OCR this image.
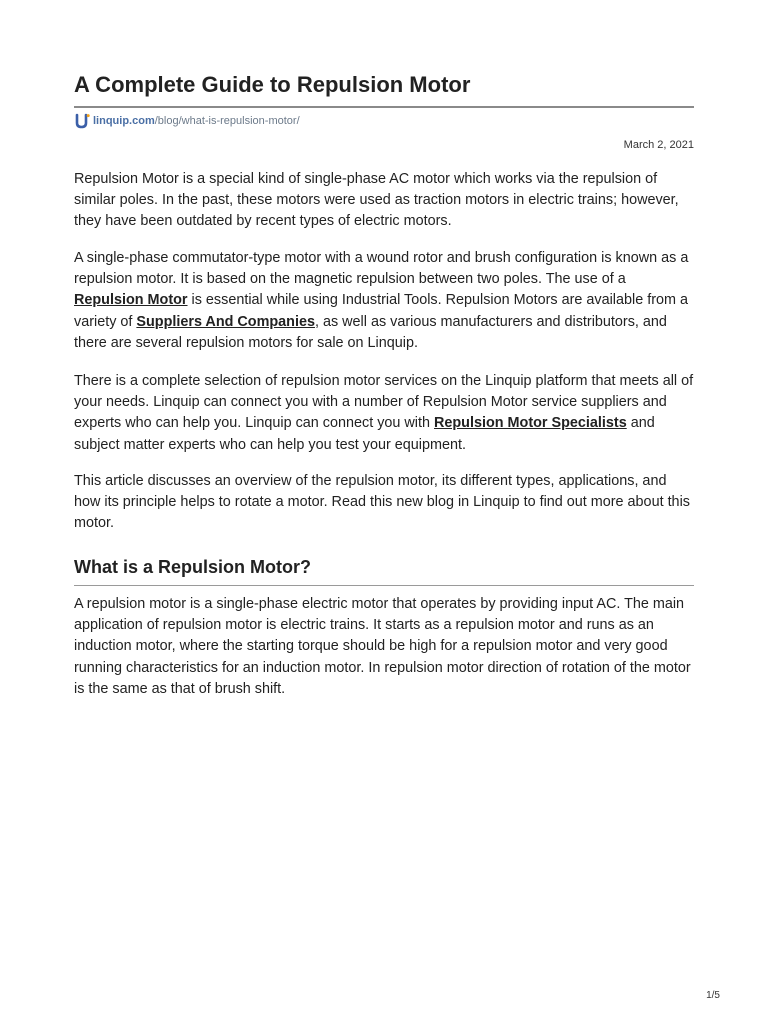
A Complete Guide to Repulsion Motor
linquip.com /blog/what-is-repulsion-motor/
March 2, 2021

Repulsion Motor is a special kind of single-phase AC motor which works via the repulsion of similar poles. In the past, these motors were used as traction motors in electric trains; however, they have been outdated by recent types of electric motors.

A single-phase commutator-type motor with a wound rotor and brush configuration is known as a repulsion motor. It is based on the magnetic repulsion between two poles. The use of a Repulsion Motor is essential while using Industrial Tools. Repulsion Motors are available from a variety of Suppliers And Companies, as well as various manufacturers and distributors, and there are several repulsion motors for sale on Linquip.

There is a complete selection of repulsion motor services on the Linquip platform that meets all of your needs. Linquip can connect you with a number of Repulsion Motor service suppliers and experts who can help you. Linquip can connect you with Repulsion Motor Specialists and subject matter experts who can help you test your equipment.

This article discusses an overview of the repulsion motor, its different types, applications, and how its principle helps to rotate a motor. Read this new blog in Linquip to find out more about this motor.

What is a Repulsion Motor?

A repulsion motor is a single-phase electric motor that operates by providing input AC. The main application of repulsion motor is electric trains. It starts as a repulsion motor and runs as an induction motor, where the starting torque should be high for a repulsion motor and very good running characteristics for an induction motor. In repulsion motor direction of rotation of the motor is the same as that of brush shift.

1/5
